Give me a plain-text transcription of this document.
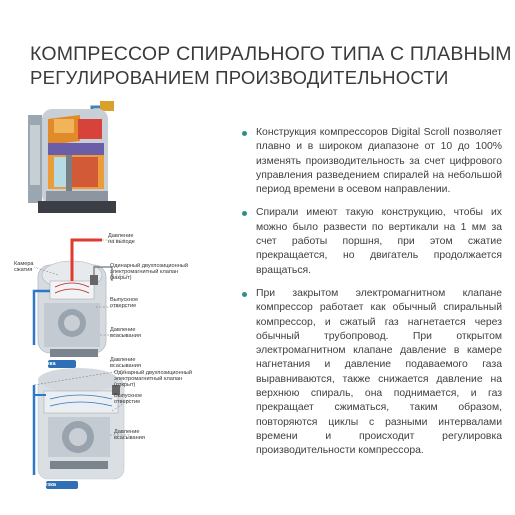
КОМПРЕССОР СПИРАЛЬНОГО ТИПА С ПЛАВНЫМ
РЕГУЛИРОВАНИЕМ ПРОИЗВОДИТЕЛЬНОСТИ
Давление
на выходе
Камера
сжатия
Одинарный двухпозиционный
электромагнитный клапан
(закрыт)
Выпускное
отверстие
Давление
всасывания
Нагрузка
Давление
всасывания
Одинарный двухпозиционный
электромагнитный клапан
(открыт)
Выпускное
отверстие
Давление
всасывания
Разгрузка
Конструкция компрессоров Digital Scroll позволяет плавно и в широком диапазоне от 10 до 100% изменять производительность за счет цифрового управления разведением спиралей на небольшой период времени в осевом направлении.
Спирали имеют такую конструкцию, чтобы их можно было развести по вертикали на 1 мм за счет работы поршня, при этом сжатие прекращается, но двигатель продолжается вращаться.
При закрытом электромагнитном клапане компрессор работает как обычный спиральный компрессор, и сжатый газ нагнетается через обычный трубопровод. При открытом электромагнитном клапане давление в камере нагнетания и давление подаваемого газа выравниваются, также снижается давление на верхнюю спираль, она поднимается, и газ прекращает сжиматься, таким образом, повторяются циклы с разными интервалами времени и происходит регулировка производительности компрессора.
